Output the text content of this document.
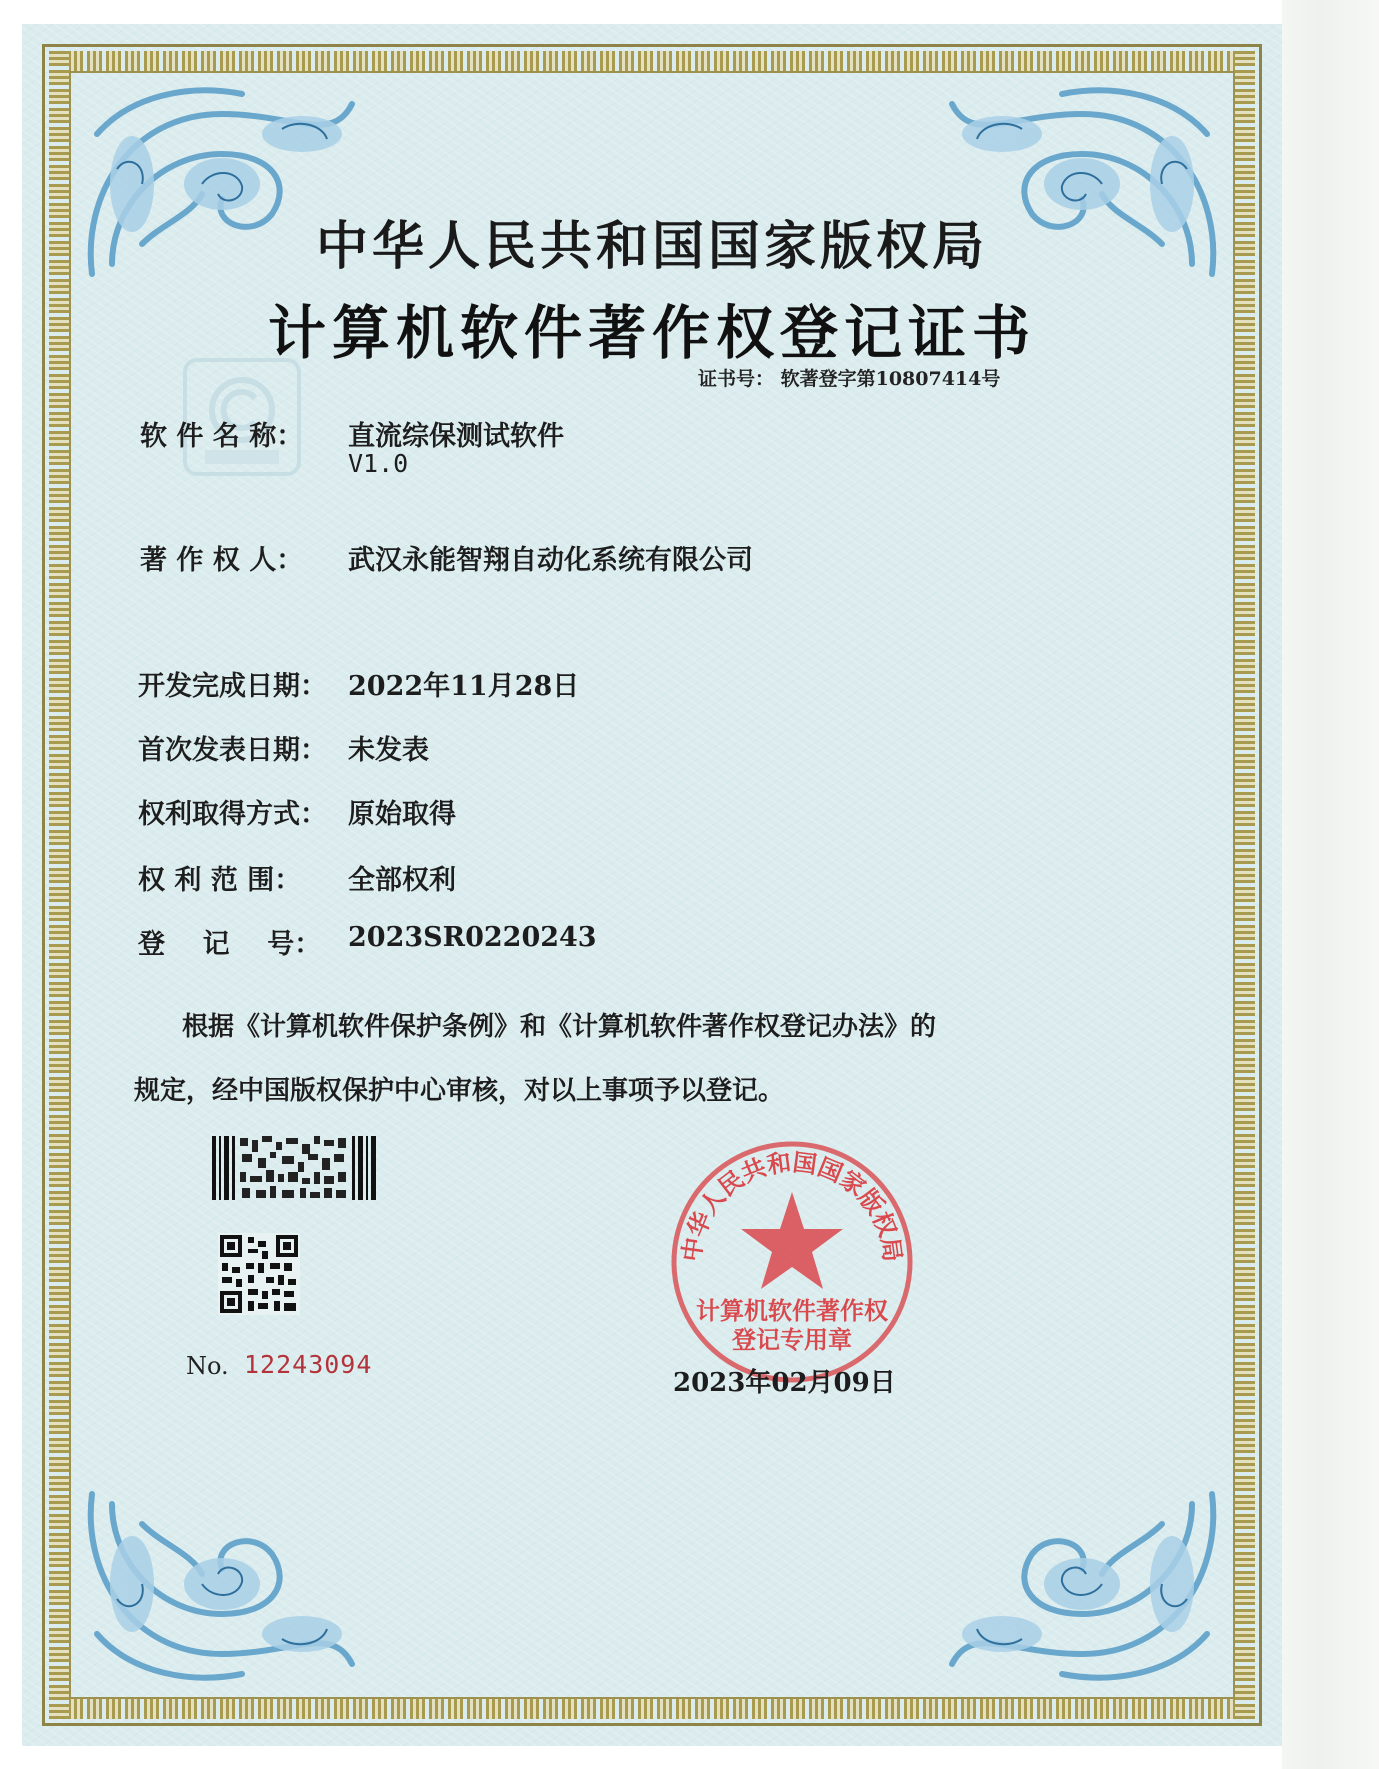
中华人民共和国国家版权局
计算机软件著作权登记证书
证书号： 软著登字第10807414号
软 件 名 称： 直流综保测试软件
V1.0
著 作 权 人： 武汉永能智翔自动化系统有限公司
开发完成日期： 2022年11月28日
首次发表日期： 未发表
权利取得方式： 原始取得
权 利 范 围： 全部权利
登    记    号： 2023SR0220243
根据《计算机软件保护条例》和《计算机软件著作权登记办法》的
规定，经中国版权保护中心审核，对以上事项予以登记。
No. 12243094
中华人民共和国国家版权局
计算机软件著作权
登记专用章
2023年02月09日
